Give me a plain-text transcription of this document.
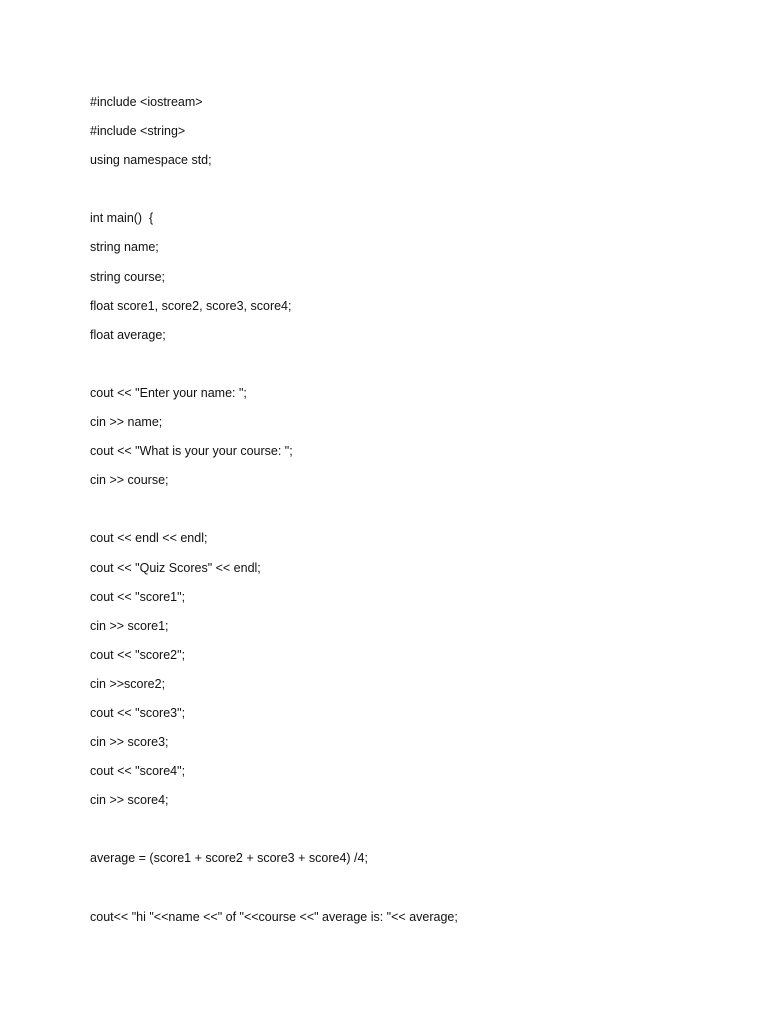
#include <iostream>
#include <string>
using namespace std;
int main()  {
string name;
string course;
float score1, score2, score3, score4;
float average;
cout << "Enter your name: ";
cin >> name;
cout << "What is your your course: ";
cin >> course;
cout << endl << endl;
cout << "Quiz Scores" << endl;
cout << "score1";
cin >> score1;
cout << "score2";
cin >>score2;
cout << "score3";
cin >> score3;
cout << "score4";
cin >> score4;
average = (score1 + score2 + score3 + score4) /4;
cout<< "hi "<<name <<" of "<<course <<" average is: "<< average;
